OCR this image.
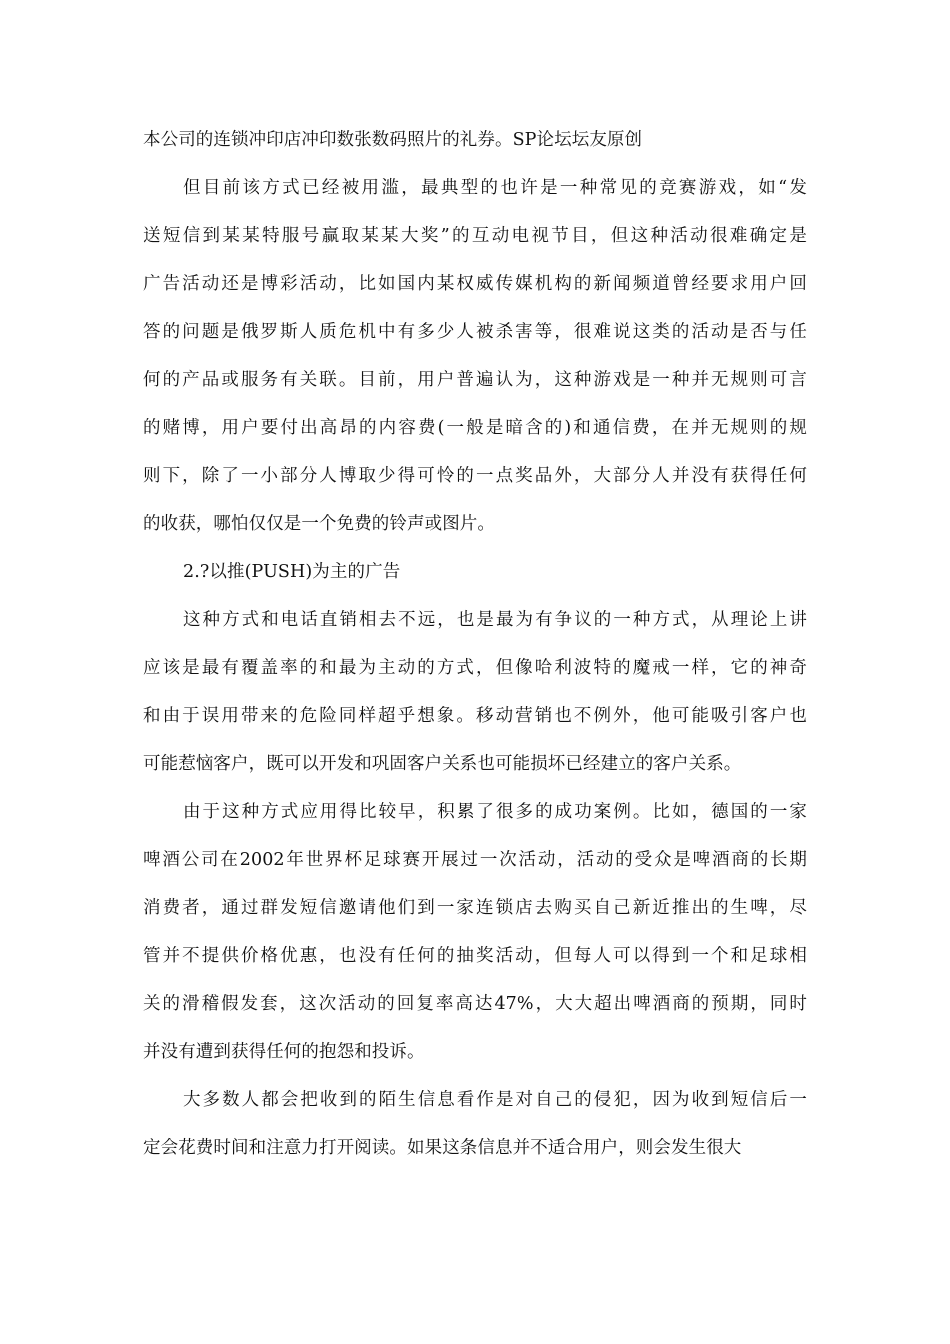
本公司的连锁冲印店冲印数张数码照片的礼券。SP论坛坛友原创
但目前该方式已经被用滥，最典型的也许是一种常见的竞赛游戏，如“发
送短信到某某特服号赢取某某大奖”的互动电视节目，但这种活动很难确定是
广告活动还是博彩活动，比如国内某权威传媒机构的新闻频道曾经要求用户回
答的问题是俄罗斯人质危机中有多少人被杀害等，很难说这类的活动是否与任
何的产品或服务有关联。目前，用户普遍认为，这种游戏是一种并无规则可言
的赌博，用户要付出高昂的内容费(一般是暗含的)和通信费，在并无规则的规
则下，除了一小部分人博取少得可怜的一点奖品外，大部分人并没有获得任何
的收获，哪怕仅仅是一个免费的铃声或图片。
2.?以推(PUSH)为主的广告
这种方式和电话直销相去不远，也是最为有争议的一种方式，从理论上讲
应该是最有覆盖率的和最为主动的方式，但像哈利波特的魔戒一样，它的神奇
和由于误用带来的危险同样超乎想象。移动营销也不例外，他可能吸引客户也
可能惹恼客户，既可以开发和巩固客户关系也可能损坏已经建立的客户关系。
由于这种方式应用得比较早，积累了很多的成功案例。比如，德国的一家
啤酒公司在2002年世界杯足球赛开展过一次活动，活动的受众是啤酒商的长期
消费者，通过群发短信邀请他们到一家连锁店去购买自己新近推出的生啤，尽
管并不提供价格优惠，也没有任何的抽奖活动，但每人可以得到一个和足球相
关的滑稽假发套，这次活动的回复率高达47%，大大超出啤酒商的预期，同时
并没有遭到获得任何的抱怨和投诉。
大多数人都会把收到的陌生信息看作是对自己的侵犯，因为收到短信后一
定会花费时间和注意力打开阅读。如果这条信息并不适合用户，则会发生很大
